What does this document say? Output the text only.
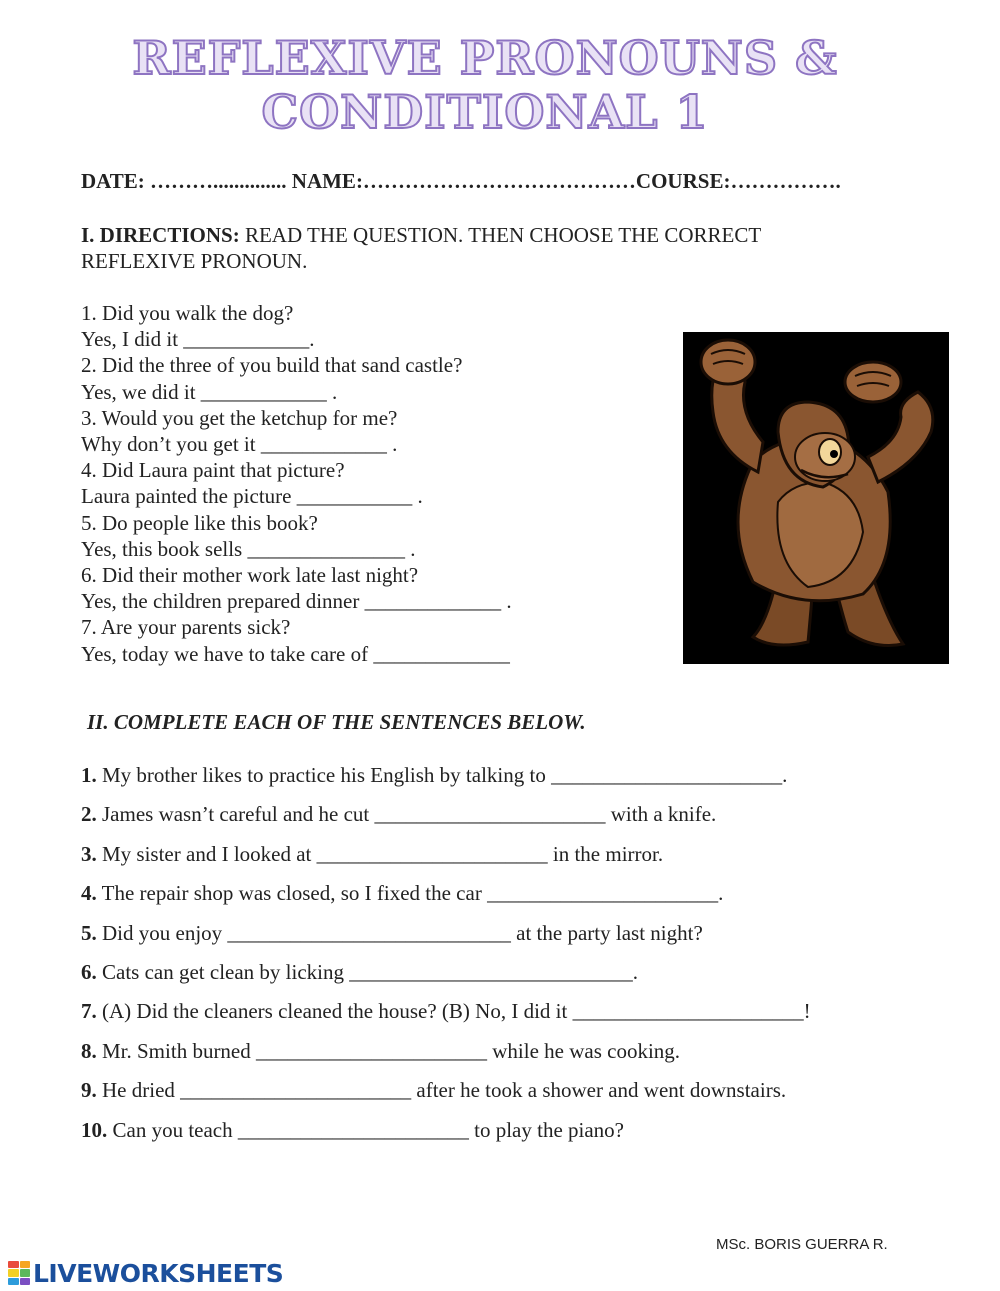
REFLEXIVE PRONOUNS &
CONDITIONAL 1
DATE: ……….............. NAME:…………………………………COURSE:…………….
I. DIRECTIONS: READ THE QUESTION. THEN CHOOSE THE CORRECT REFLEXIVE PRONOUN.
1. Did you walk the dog?
Yes, I did it ____________.
2. Did the three of you build that sand castle?
Yes, we did it ____________ .
3. Would you get the ketchup for me?
Why don’t you get it ____________ .
4. Did Laura paint that picture?
Laura painted the picture ___________ .
5. Do people like this book?
Yes, this book sells _______________ .
6. Did their mother work late last night?
Yes, the children prepared dinner _____________ .
7. Are your parents sick?
Yes, today we have to take care of _____________
II. COMPLETE EACH OF THE SENTENCES BELOW.
1. My brother likes to practice his English by talking to ______________________.
2. James wasn’t careful and he cut ______________________ with a knife.
3. My sister and I looked at ______________________ in the mirror.
4. The repair shop was closed, so I fixed the car ______________________.
5. Did you enjoy ___________________________ at the party last night?
6. Cats can get clean by licking ___________________________.
7. (A) Did the cleaners cleaned the house? (B) No, I did it ______________________!
8. Mr. Smith burned ______________________ while he was cooking.
9. He dried ______________________ after he took a shower and went downstairs.
10. Can you teach ______________________ to play the piano?
MSc. BORIS GUERRA R.
LIVEWORKSHEETS
